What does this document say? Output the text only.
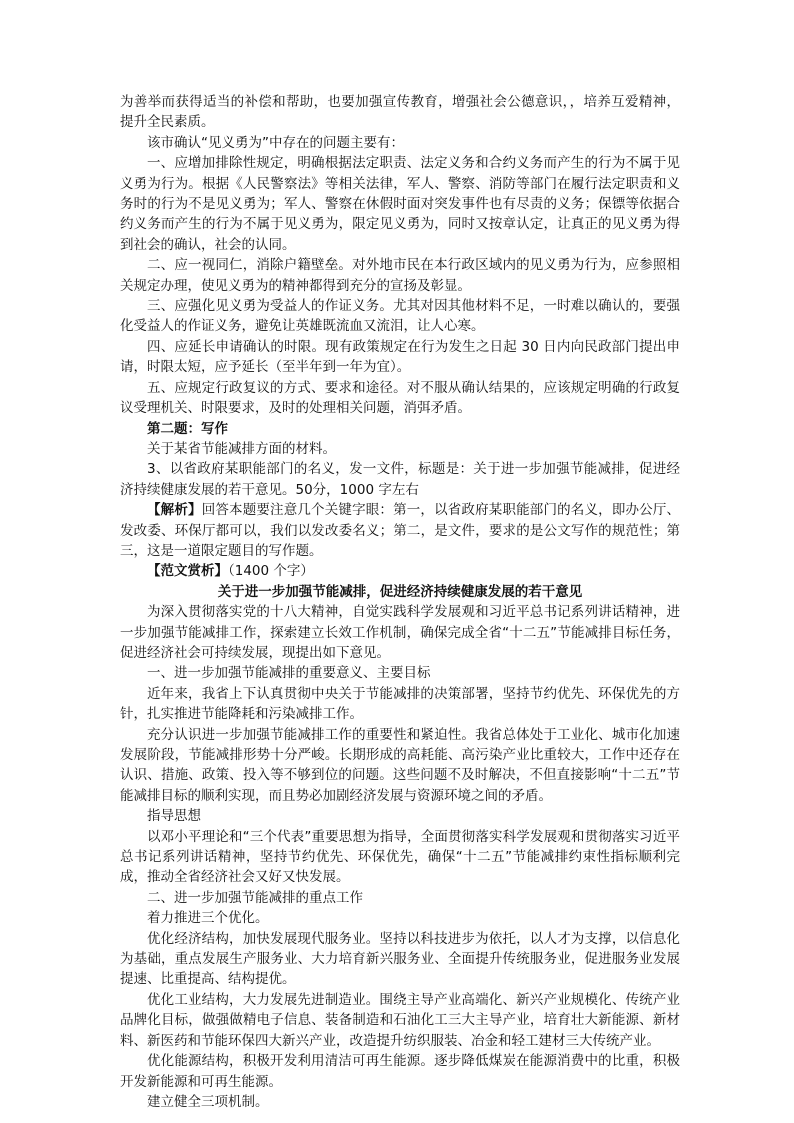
为善举而获得适当的补偿和帮助，也要加强宣传教育，增强社会公德意识，，培养互爱精神，提升全民素质。

该市确认“见义勇为”中存在的问题主要有：

一、应增加排除性规定，明确根据法定职责、法定义务和合约义务而产生的行为不属于见义勇为行为。根据《人民警察法》等相关法律，军人、警察、消防等部门在履行法定职责和义务时的行为不是见义勇为；军人、警察在休假时面对突发事件也有尽责的义务；保镖等依据合约义务而产生的行为不属于见义勇为，限定见义勇为，同时又按章认定，让真正的见义勇为得到社会的确认，社会的认同。

二、应一视同仁，消除户籍壁垒。对外地市民在本行政区域内的见义勇为行为，应参照相关规定办理，使见义勇为的精神都得到充分的宣扬及彰显。

三、应强化见义勇为受益人的作证义务。尤其对因其他材料不足，一时难以确认的，要强化受益人的作证义务，避免让英雄既流血又流泪，让人心寒。

四、应延长申请确认的时限。现有政策规定在行为发生之日起 30 日内向民政部门提出申请，时限太短，应予延长（至半年到一年为宜）。

五、应规定行政复议的方式、要求和途径。对不服从确认结果的，应该规定明确的行政复议受理机关、时限要求，及时的处理相关问题，消弭矛盾。

第二题：写作

关于某省节能减排方面的材料。

3、以省政府某职能部门的名义，发一文件，标题是：关于进一步加强节能减排，促进经济持续健康发展的若干意见。50分，1000 字左右

【解析】回答本题要注意几个关键字眼：第一，以省政府某职能部门的名义，即办公厅、发改委、环保厅都可以，我们以发改委名义；第二，是文件，要求的是公文写作的规范性；第三，这是一道限定题目的写作题。

【范文赏析】（1400 个字）

关于进一步加强节能减排，促进经济持续健康发展的若干意见

为深入贯彻落实党的十八大精神，自觉实践科学发展观和习近平总书记系列讲话精神，进一步加强节能减排工作，探索建立长效工作机制，确保完成全省“十二五”节能减排目标任务，促进经济社会可持续发展，现提出如下意见。

一、进一步加强节能减排的重要意义、主要目标

近年来，我省上下认真贯彻中央关于节能减排的决策部署，坚持节约优先、环保优先的方针，扎实推进节能降耗和污染减排工作。

充分认识进一步加强节能减排工作的重要性和紧迫性。我省总体处于工业化、城市化加速发展阶段，节能减排形势十分严峻。长期形成的高耗能、高污染产业比重较大，工作中还存在认识、措施、政策、投入等不够到位的问题。这些问题不及时解决，不但直接影响“十二五”节能减排目标的顺利实现，而且势必加剧经济发展与资源环境之间的矛盾。

指导思想

以邓小平理论和“三个代表”重要思想为指导，全面贯彻落实科学发展观和贯彻落实习近平总书记系列讲话精神，坚持节约优先、环保优先，确保“十二五”节能减排约束性指标顺利完成，推动全省经济社会又好又快发展。

二、进一步加强节能减排的重点工作

着力推进三个优化。

优化经济结构，加快发展现代服务业。坚持以科技进步为依托，以人才为支撑，以信息化为基础，重点发展生产服务业、大力培育新兴服务业、全面提升传统服务业，促进服务业发展提速、比重提高、结构提优。

优化工业结构，大力发展先进制造业。围绕主导产业高端化、新兴产业规模化、传统产业品牌化目标，做强做精电子信息、装备制造和石油化工三大主导产业，培育壮大新能源、新材料、新医药和节能环保四大新兴产业，改造提升纺织服装、冶金和轻工建材三大传统产业。

优化能源结构，积极开发利用清洁可再生能源。逐步降低煤炭在能源消费中的比重，积极开发新能源和可再生能源。

建立健全三项机制。
